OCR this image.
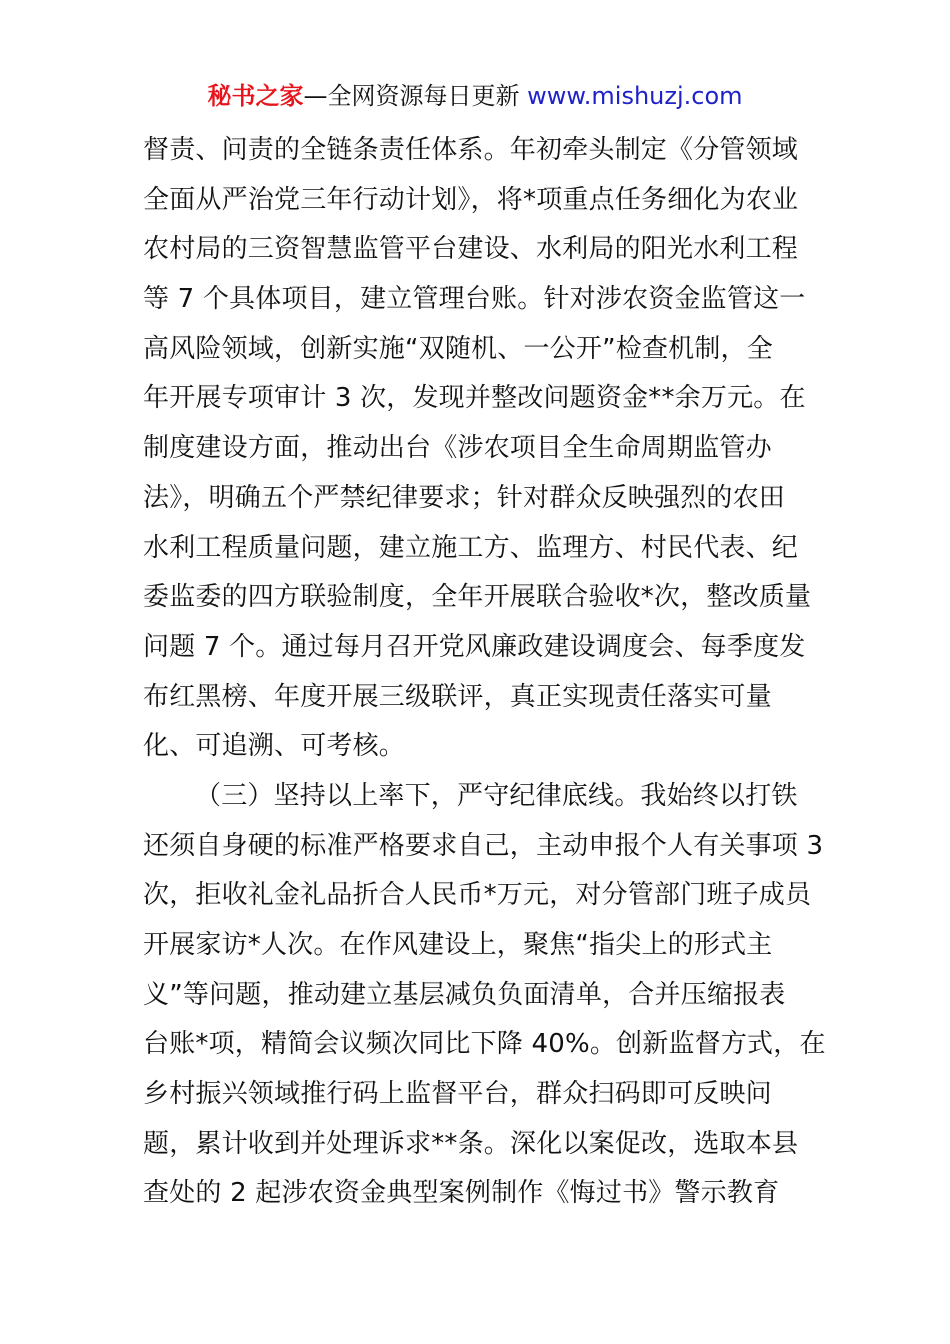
秘书之家—全网资源每日更新 www.mishuzj.com
督责、问责的全链条责任体系。年初牵头制定《分管领域
全面从严治党三年行动计划》，将*项重点任务细化为农业
农村局的三资智慧监管平台建设、水利局的阳光水利工程
等 7 个具体项目，建立管理台账。针对涉农资金监管这一
高风险领域，创新实施“双随机、一公开”检查机制，全
年开展专项审计 3 次，发现并整改问题资金**余万元。在
制度建设方面，推动出台《涉农项目全生命周期监管办
法》，明确五个严禁纪律要求；针对群众反映强烈的农田
水利工程质量问题，建立施工方、监理方、村民代表、纪
委监委的四方联验制度，全年开展联合验收*次，整改质量
问题 7 个。通过每月召开党风廉政建设调度会、每季度发
布红黑榜、年度开展三级联评，真正实现责任落实可量
化、可追溯、可考核。
（三）坚持以上率下，严守纪律底线。我始终以打铁
还须自身硬的标准严格要求自己，主动申报个人有关事项 3
次，拒收礼金礼品折合人民币*万元，对分管部门班子成员
开展家访*人次。在作风建设上，聚焦“指尖上的形式主
义”等问题，推动建立基层减负负面清单，合并压缩报表
台账*项，精简会议频次同比下降 40%。创新监督方式，在
乡村振兴领域推行码上监督平台，群众扫码即可反映问
题，累计收到并处理诉求**条。深化以案促改，选取本县
查处的 2 起涉农资金典型案例制作《悔过书》警示教育
